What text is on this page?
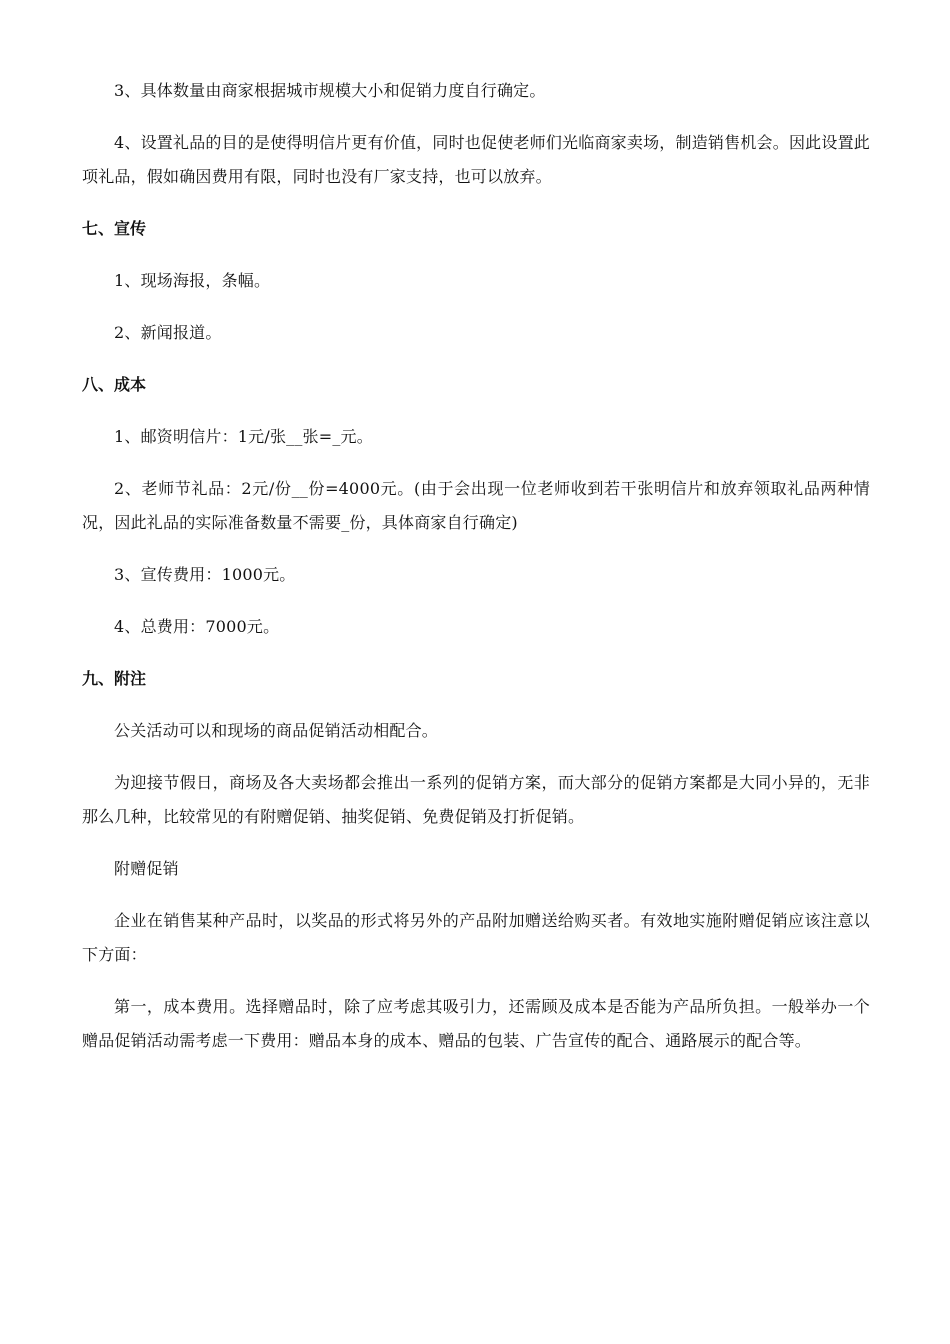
3、具体数量由商家根据城市规模大小和促销力度自行确定。

4、设置礼品的目的是使得明信片更有价值，同时也促使老师们光临商家卖场，制造销售机会。因此设置此项礼品，假如确因费用有限，同时也没有厂家支持，也可以放弃。

七、宣传

1、现场海报，条幅。

2、新闻报道。

八、成本

1、邮资明信片：1元/张__张=_元。

2、老师节礼品：2元/份__份=4000元。(由于会出现一位老师收到若干张明信片和放弃领取礼品两种情况，因此礼品的实际准备数量不需要_份，具体商家自行确定)

3、宣传费用：1000元。

4、总费用：7000元。

九、附注

公关活动可以和现场的商品促销活动相配合。

为迎接节假日，商场及各大卖场都会推出一系列的促销方案，而大部分的促销方案都是大同小异的，无非那么几种，比较常见的有附赠促销、抽奖促销、免费促销及打折促销。

附赠促销

企业在销售某种产品时，以奖品的形式将另外的产品附加赠送给购买者。有效地实施附赠促销应该注意以下方面：

第一，成本费用。选择赠品时，除了应考虑其吸引力，还需顾及成本是否能为产品所负担。一般举办一个赠品促销活动需考虑一下费用：赠品本身的成本、赠品的包装、广告宣传的配合、通路展示的配合等。
